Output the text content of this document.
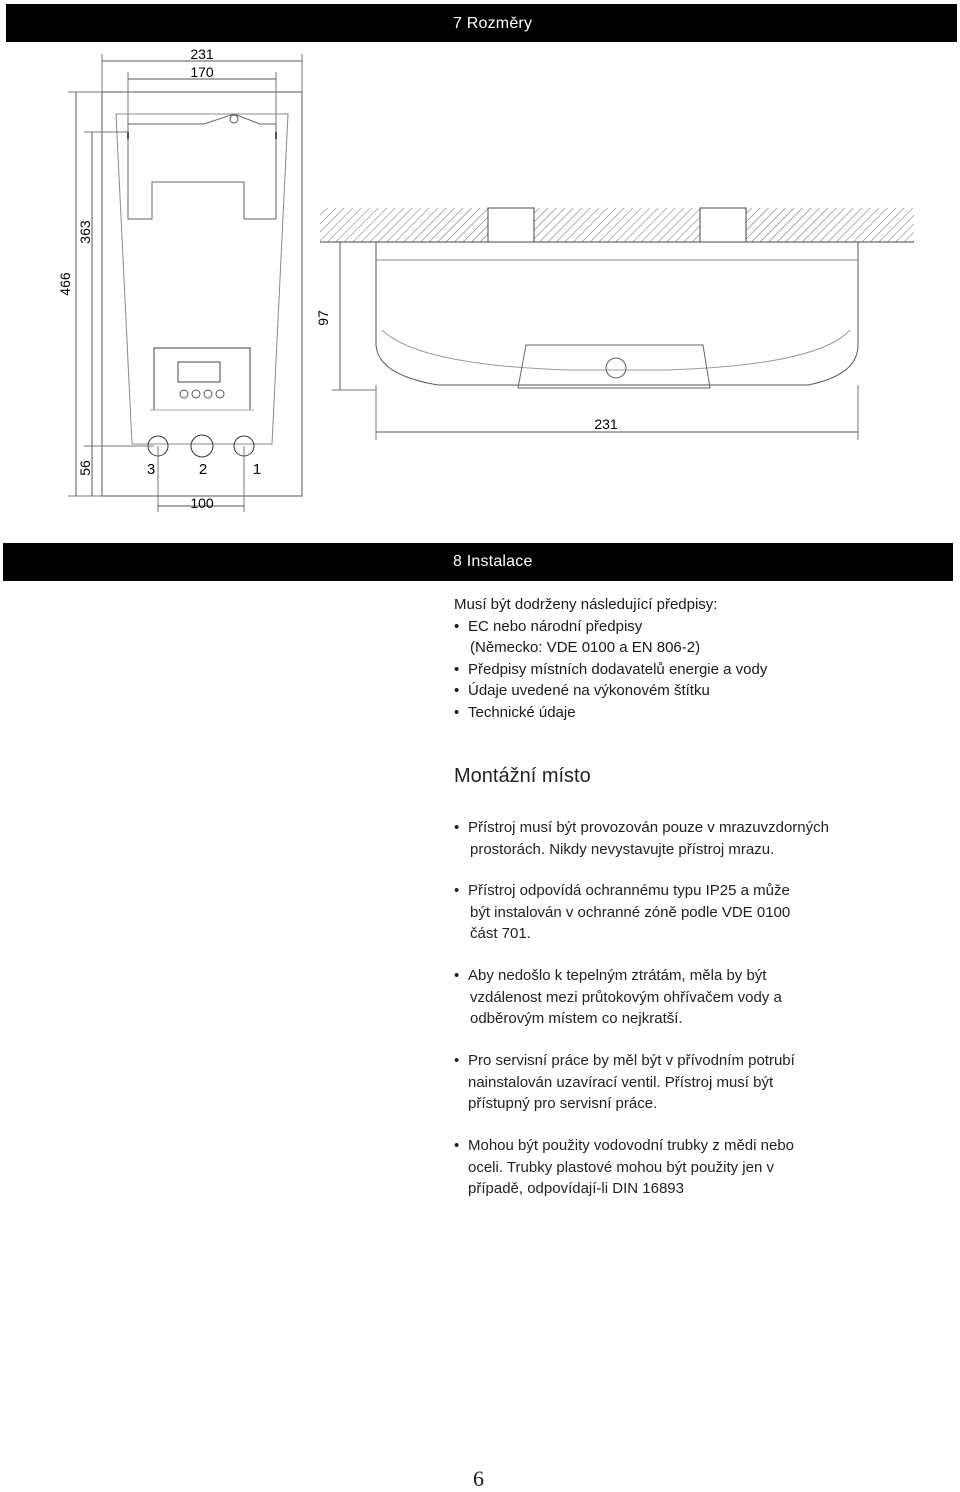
7 Rozměry
231
170
363
466
56
100
3	2	1
97
231
8 Instalace
Musí být dodrženy následující předpisy:
• EC nebo národní předpisy
(Německo: VDE 0100 a EN 806-2)
• Předpisy místních dodavatelů energie a vody
• Údaje uvedené na výkonovém štítku
• Technické údaje
Montážní místo
• Přístroj musí být provozován pouze v mrazuvzdorných
prostorách. Nikdy nevystavujte přístroj mrazu.
• Přístroj odpovídá ochrannému typu IP25 a může
být instalován v ochranné zóně podle VDE 0100
část 701.
• Aby nedošlo k tepelným ztrátám, měla by být
vzdálenost mezi průtokovým ohřívačem vody a
odběrovým místem co nejkratší.
• Pro servisní práce by měl být v přívodním potrubí
nainstalován uzavírací ventil. Přístroj musí být
přístupný pro servisní práce.
• Mohou být použity vodovodní trubky z mědi nebo
oceli. Trubky plastové mohou být použity jen v
případě, odpovídají-li DIN 16893
6
